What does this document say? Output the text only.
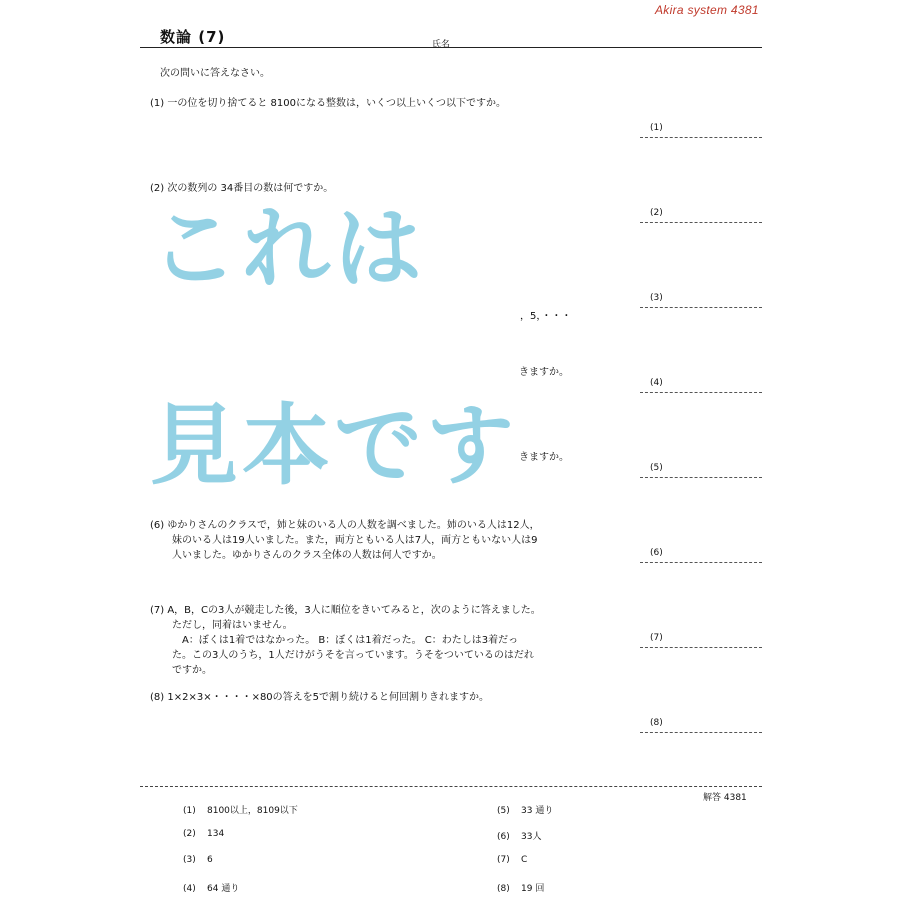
Akira system 4381
数論 (7)	氏名
次の問いに答えなさい。
(1) 一の位を切り捨てると 8100になる整数は，いくつ以上いくつ以下ですか。
(2) 次の数列の 34番目の数は何ですか。
，5，・・・
きますか。
きますか。
(6) ゆかりさんのクラスで，姉と妹のいる人の人数を調べました。姉のいる人は12人，
妹のいる人は19人いました。また，両方ともいる人は7人，両方ともいない人は9
人いました。ゆかりさんのクラス全体の人数は何人ですか。
(7) A，B，Cの3人が競走した後，3人に順位をきいてみると，次のように答えました。
ただし，同着はいません。
A：ぼくは1着ではなかった。 B：ぼくは1着だった。 C：わたしは3着だっ
た。この3人のうち，1人だけがうそを言っています。うそをついているのはだれ
ですか。
(8) 1×2×3×・・・・×80の答えを5で割り続けると何回割りきれますか。
(1)
(2)
(3)
(4)
(5)
(6)
(7)
(8)
これは
見本です
解答 4381
(1) 8100以上，8109以下
(2) 134
(3) 6
(4) 64 通り
(5) 33 通り
(6) 33人
(7) C
(8) 19 回
